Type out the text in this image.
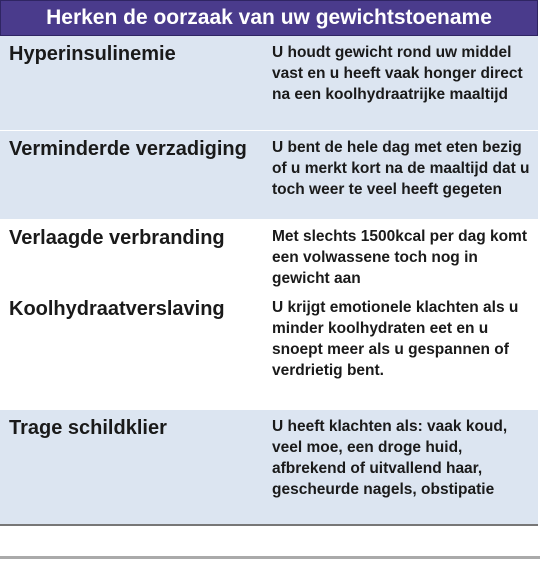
Herken de oorzaak van uw gewichtstoename
Hyperinsulinemie	U houdt gewicht rond uw middel vast en u heeft vaak honger direct na een koolhydraatrijke maaltijd
Verminderde verzadiging	U bent de hele dag met eten bezig of u merkt kort na de maaltijd dat u toch weer te veel heeft gegeten
Verlaagde verbranding	Met slechts 1500kcal per dag komt een volwassene toch nog in gewicht aan
Koolhydraatverslaving	U krijgt emotionele klachten als u minder koolhydraten eet en u snoept meer als u gespannen of verdrietig bent.
Trage schildklier	U heeft klachten als: vaak koud, veel moe, een droge huid, afbrekend of uitvallend haar, gescheurde nagels, obstipatie
